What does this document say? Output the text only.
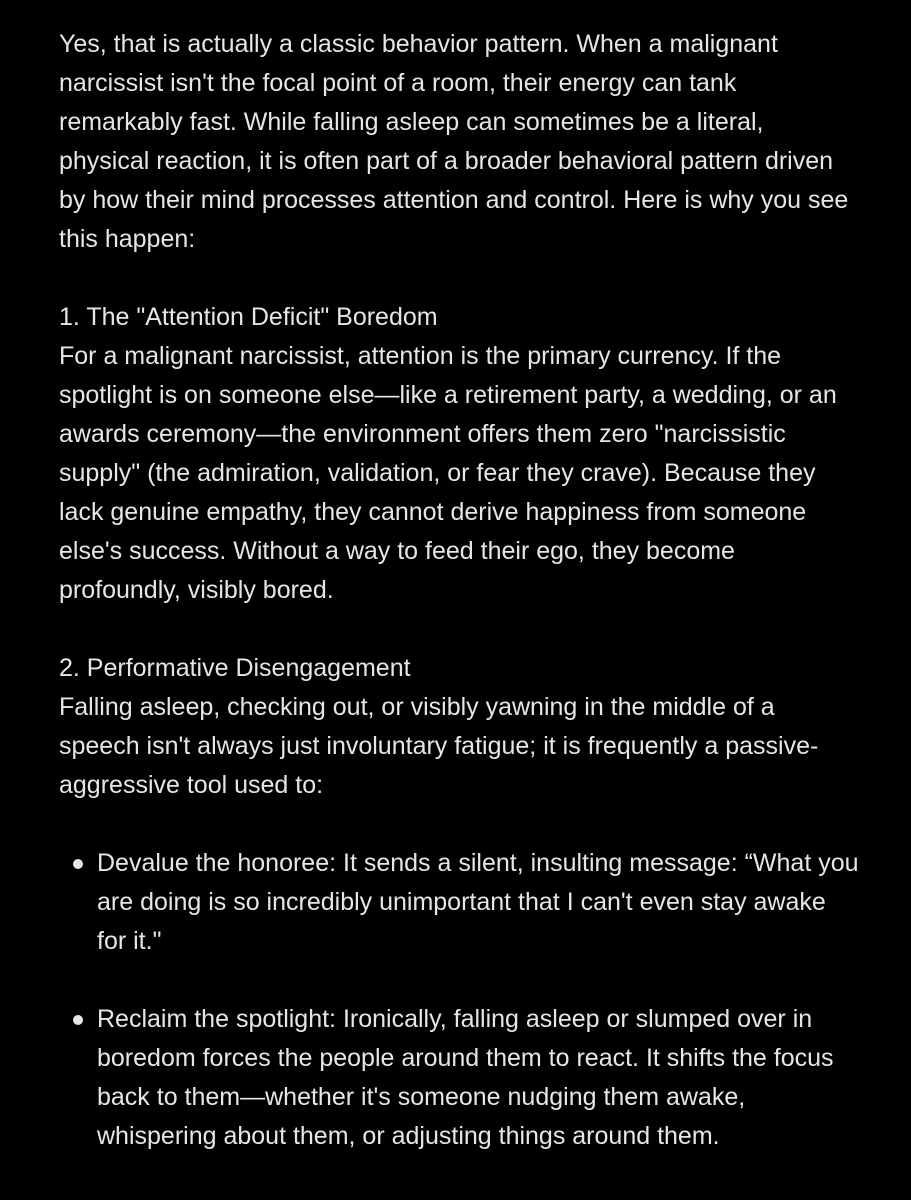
Yes, that is actually a classic behavior pattern. When a malignant narcissist isn't the focal point of a room, their energy can tank remarkably fast. While falling asleep can sometimes be a literal, physical reaction, it is often part of a broader behavioral pattern driven by how their mind processes attention and control. Here is why you see this happen:

1. The "Attention Deficit" Boredom

For a malignant narcissist, attention is the primary currency. If the spotlight is on someone else—like a retirement party, a wedding, or an awards ceremony—the environment offers them zero "narcissistic supply" (the admiration, validation, or fear they crave). Because they lack genuine empathy, they cannot derive happiness from someone else's success. Without a way to feed their ego, they become profoundly, visibly bored.

2. Performative Disengagement

Falling asleep, checking out, or visibly yawning in the middle of a speech isn't always just involuntary fatigue; it is frequently a passive-aggressive tool used to:

Devalue the honoree: It sends a silent, insulting message: “What you are doing is so incredibly unimportant that I can't even stay awake for it."
Reclaim the spotlight: Ironically, falling asleep or slumped over in boredom forces the people around them to react. It shifts the focus back to them—whether it's someone nudging them awake, whispering about them, or adjusting things around them.
